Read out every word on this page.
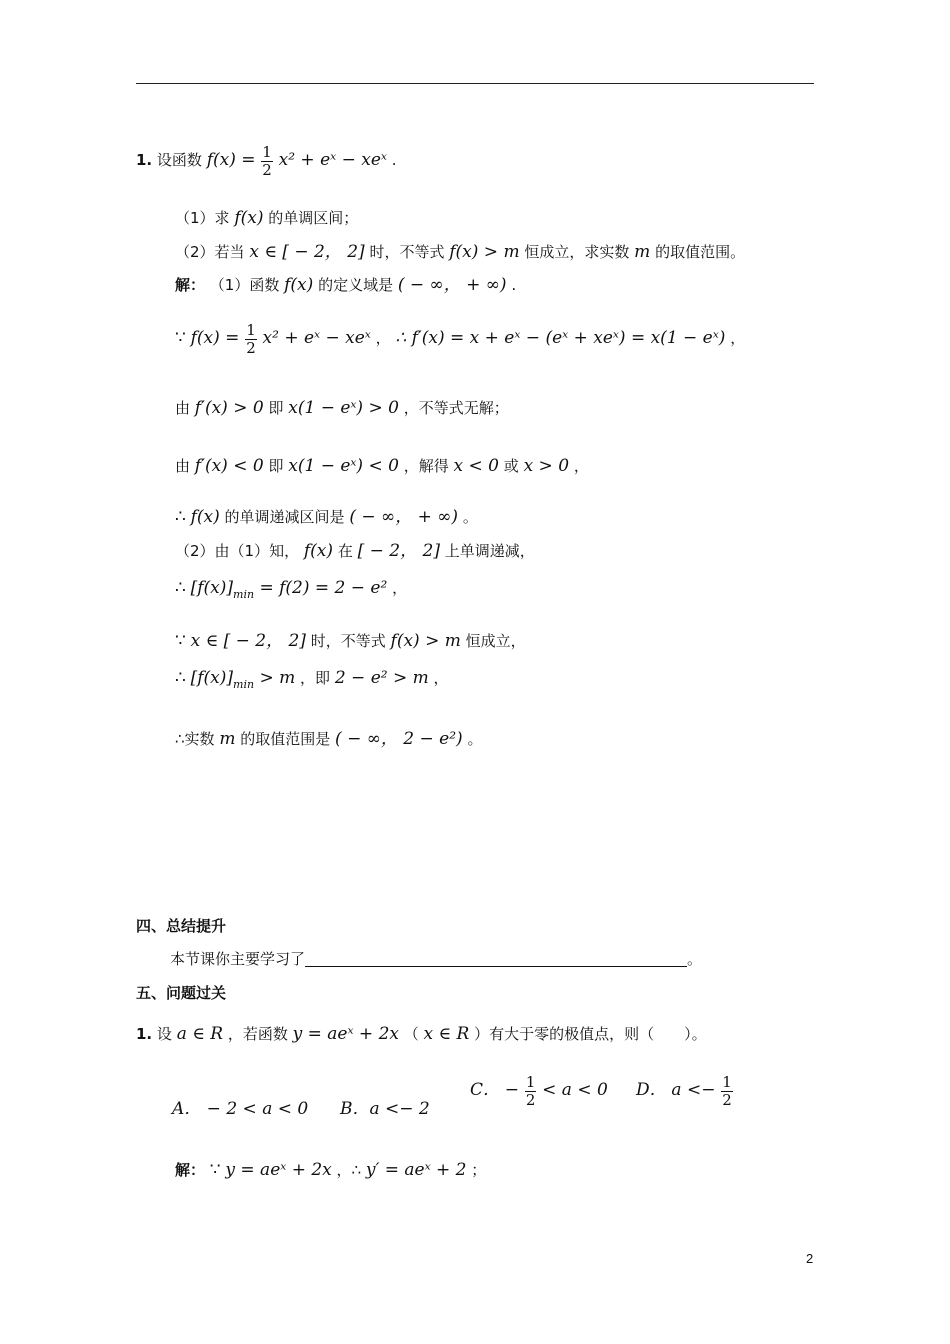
1. 设函数 $f(x) = \frac{1}{2} x^2$ + eˣ − xeˣ .
（1）求 f(x) 的单调区间；
（2）若当 x ∈ [ − 2， 2] 时，不等式 f(x) > m 恒成立，求实数 m 的取值范围。
解： （1）函数 f(x) 的定义域是 ( − ∞， + ∞) .
∵ $f(x) = \frac{1}{2} x^2$ + eˣ − xeˣ ， ∴ f′(x) = x + eˣ − (eˣ + xeˣ) = x(1 − eˣ) ，
由 f′(x) > 0 即 x(1 − eˣ) > 0 ，不等式无解；
由 f′(x) < 0 即 x(1 − eˣ) < 0 ，解得 x < 0 或 x > 0 ，
∴ f(x) 的单调递减区间是 ( − ∞， + ∞) 。
（2）由（1）知， f(x) 在 [ − 2， 2] 上单调递减，
∴ $[f(x)]_{min} = f(2) = 2 - e^2$ ，
∵ x ∈ [ − 2， 2] 时，不等式 f(x) > m 恒成立，
∴ $[f(x)]_{min} > m$ ，即 2 − e² > m ，
∴实数 m 的取值范围是 ( − ∞， 2 − e²) 。
四、总结提升
本节课你主要学习了	。
五、问题过关
1. 设 a ∈ R ，若函数 y = aeˣ + 2x （ x ∈ R ）有大于零的极值点，则（　　）。
A． − 2 < a < 0 B．a <− 2
C． − $\frac{1}{2} < a < 0$ D． $a <- \frac{1}{2}$
解： ∵ y = aeˣ + 2x ，∴ y′ = aeˣ + 2 ；
2
